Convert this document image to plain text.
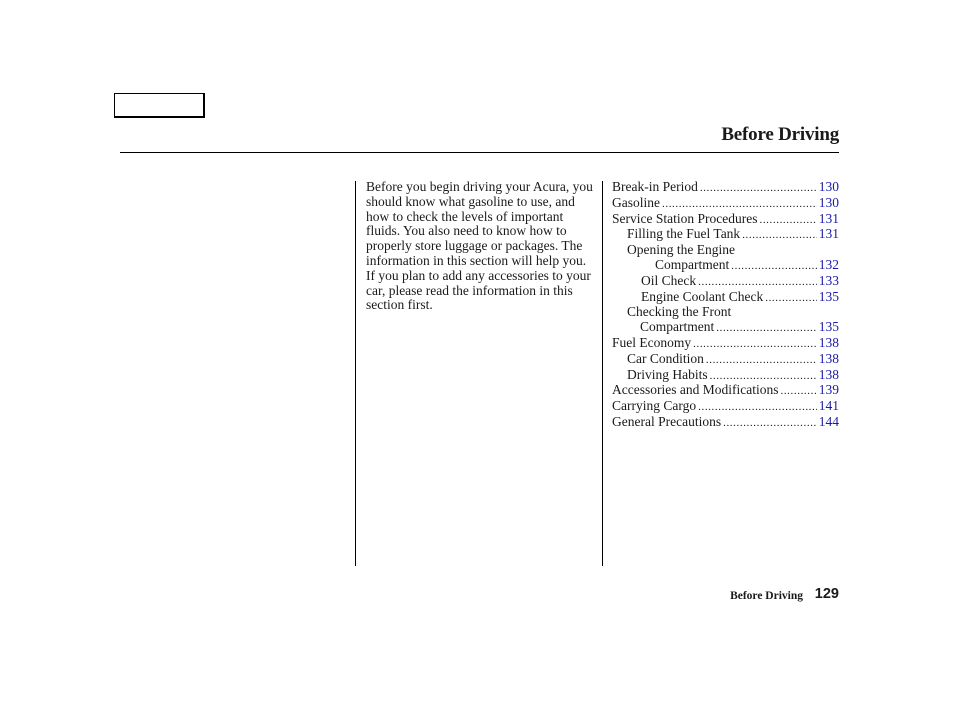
Before Driving

Before you begin driving your Acura, you should know what gasoline to use, and how to check the levels of important fluids. You also need to know how to properly store luggage or packages. The information in this section will help you. If you plan to add any accessories to your car, please read the information in this section first.

Break-in Period .....	130
Gasoline .....	130
Service Station Procedures .....	131
Filling the Fuel Tank .....	131
Opening the Engine
Compartment .....	132
Oil Check .....	133
Engine Coolant Check .....	135
Checking the Front
Compartment .....	135
Fuel Economy .....	138
Car Condition .....	138
Driving Habits .....	138
Accessories and Modifications .....	139
Carrying Cargo .....	141
General Precautions .....	144
Before Driving 129
